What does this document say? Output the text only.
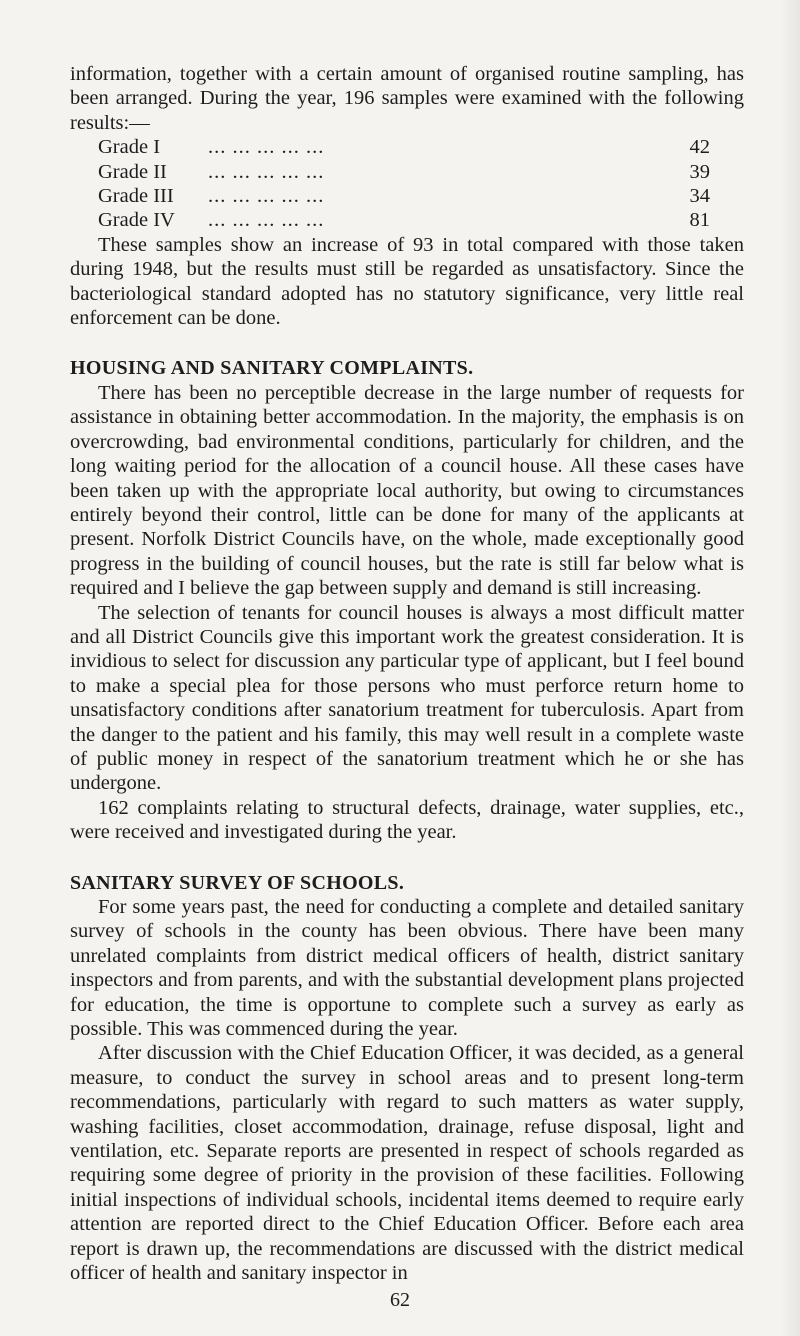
information, together with a certain amount of organised routine sampling, has been arranged. During the year, 196 samples were examined with the following results:—

Grade I	... ... ... ... ...	42
Grade II	... ... ... ... ...	39
Grade III	... ... ... ... ...	34
Grade IV	... ... ... ... ...	81

These samples show an increase of 93 in total compared with those taken during 1948, but the results must still be regarded as unsatisfactory. Since the bacteriological standard adopted has no statutory significance, very little real enforcement can be done.

HOUSING AND SANITARY COMPLAINTS.

There has been no perceptible decrease in the large number of requests for assistance in obtaining better accommodation. In the majority, the emphasis is on overcrowding, bad environmental conditions, particularly for children, and the long waiting period for the allocation of a council house. All these cases have been taken up with the appropriate local authority, but owing to circumstances entirely beyond their control, little can be done for many of the applicants at present. Norfolk District Councils have, on the whole, made exceptionally good progress in the building of council houses, but the rate is still far below what is required and I believe the gap between supply and demand is still increasing.

The selection of tenants for council houses is always a most difficult matter and all District Councils give this important work the greatest consideration. It is invidious to select for discussion any particular type of applicant, but I feel bound to make a special plea for those persons who must perforce return home to unsatisfactory conditions after sanatorium treatment for tuberculosis. Apart from the danger to the patient and his family, this may well result in a complete waste of public money in respect of the sanatorium treatment which he or she has undergone.

162 complaints relating to structural defects, drainage, water supplies, etc., were received and investigated during the year.

SANITARY SURVEY OF SCHOOLS.

For some years past, the need for conducting a complete and detailed sanitary survey of schools in the county has been obvious. There have been many unrelated complaints from district medical officers of health, district sanitary inspectors and from parents, and with the substantial development plans projected for education, the time is opportune to complete such a survey as early as possible. This was commenced during the year.

After discussion with the Chief Education Officer, it was decided, as a general measure, to conduct the survey in school areas and to present long-term recommendations, particularly with regard to such matters as water supply, washing facilities, closet accommodation, drainage, refuse disposal, light and ventilation, etc. Separate reports are presented in respect of schools regarded as requiring some degree of priority in the provision of these facilities. Following initial inspections of individual schools, incidental items deemed to require early attention are reported direct to the Chief Education Officer. Before each area report is drawn up, the recommendations are discussed with the district medical officer of health and sanitary inspector in

62
